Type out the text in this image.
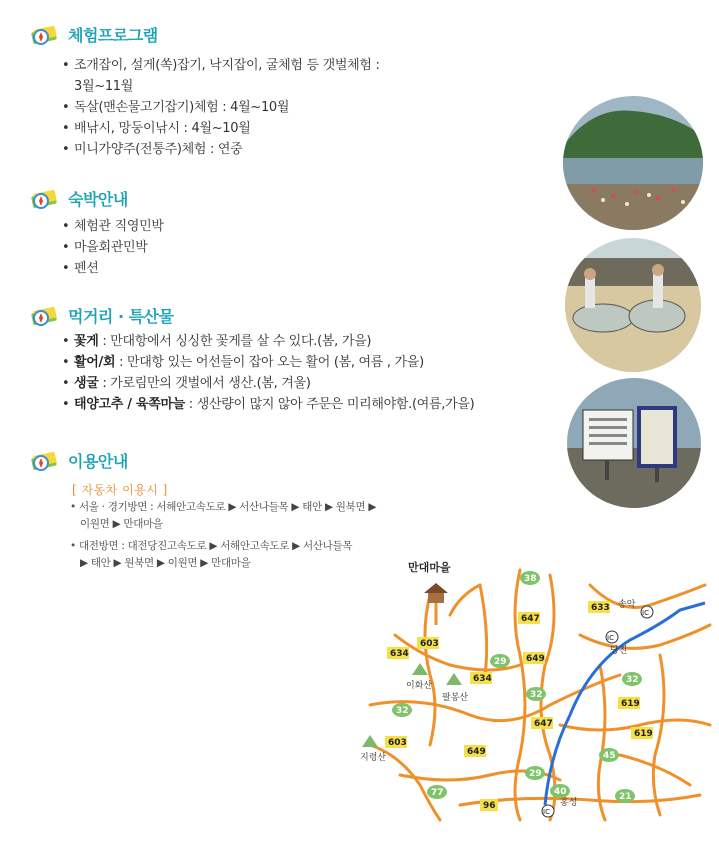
체험프로그램
• 조개잡이, 설게(쏙)잡기, 낙지잡이, 굴체험 등 갯벌체험 :
3월~11월
• 독살(맨손물고기잡기)체험 : 4월~10월
• 배낚시, 망둥이낚시 : 4월~10월
• 미니가양주(전통주)체험 : 연중
숙박안내
• 체험관 직영민박
• 마을회관민박
• 펜션
먹거리 · 특산물
• 꽃게 : 만대항에서 싱싱한 꽃게를 살 수 있다.(봄, 가을)
• 활어/회 : 만대항 있는 어선들이 잡아 오는 활어 (봄, 여름 , 가을)
• 생굴 : 가로림만의 갯벌에서 생산.(봄, 겨울)
• 태양고추 / 육쪽마늘 : 생산량이 많지 않아 주문은 미리해야함.(여름,가을)
이용안내
[ 자동차 이용시 ]
• 서울 · 경기방면 : 서해안고속도로 ▶ 서산나들목 ▶ 태안 ▶ 원북면 ▶
이원면 ▶ 만대마을
• 대전방면 : 대전당진고속도로 ▶ 서해안고속도로 ▶ 서산나들목
▶ 태안 ▶ 원북면 ▶ 이원면 ▶ 만대마을	만대마을
이화산
팔봉산
지령산
송악
당진
홍성
IC
IC
IC
603
634
634
647
649
633
647
619
619
603
649
96
38
29
32
32
32
45
29
40
77	21
